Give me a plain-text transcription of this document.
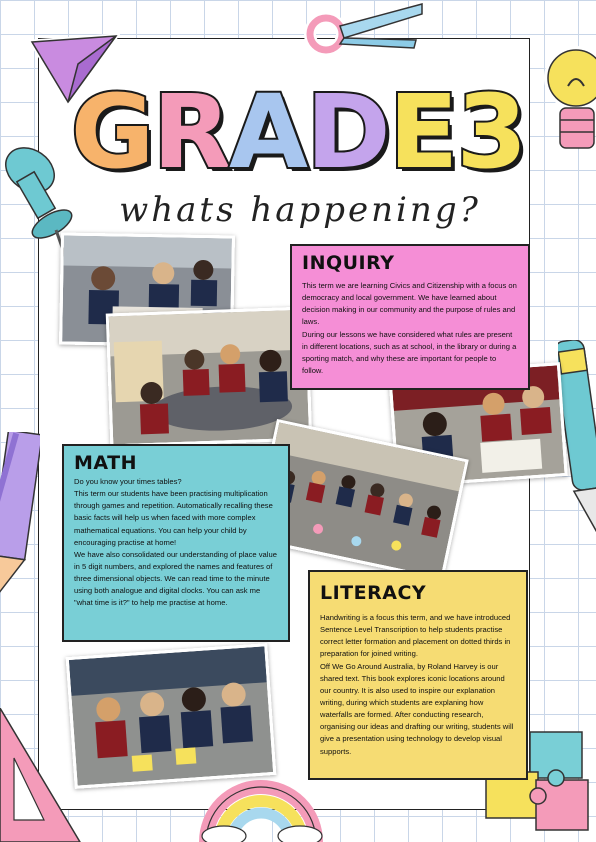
G R A D E 3
whats happening?
INQUIRY

This term we are learning Civics and Citizenship with a focus on democracy and local government. We have learned about decision making in our community and the purpose of rules and laws.

During our lessons we have considered what rules are present in different locations, such as at school, in the library or during a sporting match, and why these are important for people to follow.

MATH

Do you know your times tables?

This term our students have been practising multiplication through games and repetition. Automatically recalling these basic facts will help us when faced with more complex mathematical equations. You can help your child by encouraging practise at home!

We have also consolidated our understanding of place value in 5 digit numbers, and explored the names and features of three dimensional objects. We can read time to the minute using both analogue and digital clocks. You can ask me "what time is it?" to help me practise at home.	LITERACY

Handwriting is a focus this term, and we have introduced Sentence Level Transcription to help students practise correct letter formation and placement on dotted thirds in preparation for joined writing.

Off We Go Around Australia, by Roland Harvey is our shared text. This book explores iconic locations around our country. It is also used to inspire our explanation writing, during which students are explaning how waterfalls are formed. After conducting research, organising our ideas and drafting our writing, students will give a presentation using technology to develop visual supports.
